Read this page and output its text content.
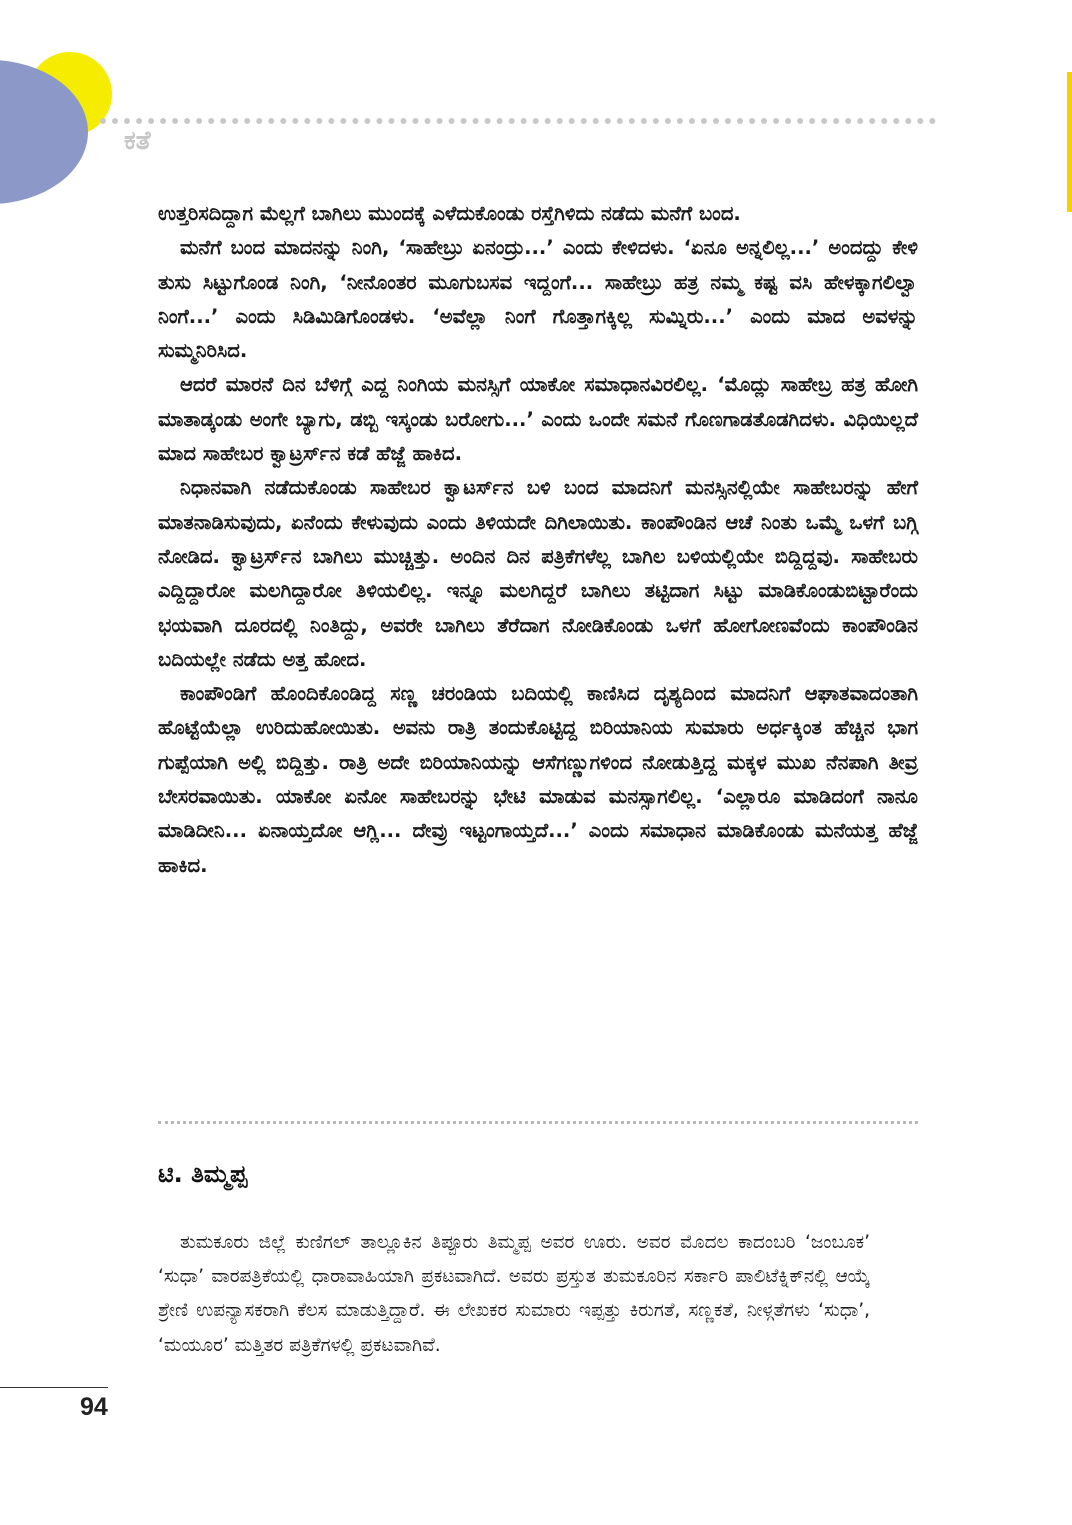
ಕತೆ

ಉತ್ತರಿಸದಿದ್ದಾಗ ಮೆಲ್ಲಗೆ ಬಾಗಿಲು ಮುಂದಕ್ಕೆ ಎಳೆದುಕೊಂಡು ರಸ್ತೆಗಿಳಿದು ನಡೆದು ಮನೆಗೆ ಬಂದ.

ಮನೆಗೆ ಬಂದ ಮಾದನನ್ನು ನಿಂಗಿ, ‘ಸಾಹೇಬ್ರು ಏನಂದ್ರು...’ ಎಂದು ಕೇಳಿದಳು. ‘ಏನೂ ಅನ್ನಲಿಲ್ಲ...’ ಅಂದದ್ದು ಕೇಳಿ ತುಸು ಸಿಟ್ಟುಗೊಂಡ ನಿಂಗಿ, ‘ನೀನೊಂತರ ಮೂಗುಬಸವ ಇದ್ದಂಗೆ... ಸಾಹೇಬ್ರು ಹತ್ರ ನಮ್ಮ ಕಷ್ಟ ವಸಿ ಹೇಳಕ್ಕಾಗಲಿಲ್ವಾ ನಿಂಗೆ...’ ಎಂದು ಸಿಡಿಮಿಡಿಗೊಂಡಳು. ‘ಅವೆಲ್ಲಾ ನಿಂಗೆ ಗೊತ್ತಾಗಕ್ಕಿಲ್ಲ ಸುಮ್ನಿರು...’ ಎಂದು ಮಾದ ಅವಳನ್ನು ಸುಮ್ಮನಿರಿಸಿದ.

ಆದರೆ ಮಾರನೆ ದಿನ ಬೆಳಿಗ್ಗೆ ಎದ್ದ ನಿಂಗಿಯ ಮನಸ್ಸಿಗೆ ಯಾಕೋ ಸಮಾಧಾನವಿರಲಿಲ್ಲ. ‘ಮೊದ್ಲು ಸಾಹೇಬ್ರ ಹತ್ರ ಹೋಗಿ ಮಾತಾಡ್ಕಂಡು ಅಂಗೇ ಬ್ಯಾಗು, ಡಬ್ಬಿ ಇಸ್ಕಂಡು ಬರೋಗು...’ ಎಂದು ಒಂದೇ ಸಮನೆ ಗೊಣಗಾಡತೊಡಗಿದಳು. ವಿಧಿಯಿಲ್ಲದೆ ಮಾದ ಸಾಹೇಬರ ಕ್ವಾಟ್ರರ್ಸ್‌ನ ಕಡೆ ಹೆಜ್ಜೆ ಹಾಕಿದ.

ನಿಧಾನವಾಗಿ ನಡೆದುಕೊಂಡು ಸಾಹೇಬರ ಕ್ವಾಟರ್ಸ್‌ನ ಬಳಿ ಬಂದ ಮಾದನಿಗೆ ಮನಸ್ಸಿನಲ್ಲಿಯೇ ಸಾಹೇಬರನ್ನು ಹೇಗೆ ಮಾತನಾಡಿಸುವುದು, ಏನೆಂದು ಕೇಳುವುದು ಎಂದು ತಿಳಿಯದೇ ದಿಗಿಲಾಯಿತು. ಕಾಂಪೌಂಡಿನ ಆಚೆ ನಿಂತು ಒಮ್ಮೆ ಒಳಗೆ ಬಗ್ಗಿ ನೋಡಿದ. ಕ್ವಾಟ್ರರ್ಸ್‌ನ ಬಾಗಿಲು ಮುಚ್ಚಿತ್ತು. ಅಂದಿನ ದಿನ ಪತ್ರಿಕೆಗಳೆಲ್ಲ ಬಾಗಿಲ ಬಳಿಯಲ್ಲಿಯೇ ಬಿದ್ದಿದ್ದವು. ಸಾಹೇಬರು ಎದ್ದಿದ್ದಾರೋ ಮಲಗಿದ್ದಾರೋ ತಿಳಿಯಲಿಲ್ಲ. ಇನ್ನೂ ಮಲಗಿದ್ದರೆ ಬಾಗಿಲು ತಟ್ಟಿದಾಗ ಸಿಟ್ಟು ಮಾಡಿಕೊಂಡುಬಿಟ್ಟಾರೆಂದು ಭಯವಾಗಿ ದೂರದಲ್ಲಿ ನಿಂತಿದ್ದು, ಅವರೇ ಬಾಗಿಲು ತೆರೆದಾಗ ನೋಡಿಕೊಂಡು ಒಳಗೆ ಹೋಗೋಣವೆಂದು ಕಾಂಪೌಂಡಿನ ಬದಿಯಲ್ಲೇ ನಡೆದು ಅತ್ತ ಹೋದ.

ಕಾಂಪೌಂಡಿಗೆ ಹೊಂದಿಕೊಂಡಿದ್ದ ಸಣ್ಣ ಚರಂಡಿಯ ಬದಿಯಲ್ಲಿ ಕಾಣಿಸಿದ ದೃಶ್ಯದಿಂದ ಮಾದನಿಗೆ ಆಘಾತವಾದಂತಾಗಿ ಹೊಟ್ಟೆಯೆಲ್ಲಾ ಉರಿದುಹೋಯಿತು. ಅವನು ರಾತ್ರಿ ತಂದುಕೊಟ್ಟಿದ್ದ ಬಿರಿಯಾನಿಯ ಸುಮಾರು ಅರ್ಧಕ್ಕಿಂತ ಹೆಚ್ಚಿನ ಭಾಗ ಗುಪ್ಪೆಯಾಗಿ ಅಲ್ಲಿ ಬಿದ್ದಿತ್ತು. ರಾತ್ರಿ ಅದೇ ಬಿರಿಯಾನಿಯನ್ನು ಆಸೆಗಣ್ಣುಗಳಿಂದ ನೋಡುತ್ತಿದ್ದ ಮಕ್ಕಳ ಮುಖ ನೆನಪಾಗಿ ತೀವ್ರ ಬೇಸರವಾಯಿತು. ಯಾಕೋ ಏನೋ ಸಾಹೇಬರನ್ನು ಭೇಟಿ ಮಾಡುವ ಮನಸ್ಸಾಗಲಿಲ್ಲ. ‘ಎಲ್ಲಾರೂ ಮಾಡಿದಂಗೆ ನಾನೂ ಮಾಡಿದೀನಿ... ಏನಾಯ್ತದೋ ಆಗ್ಲಿ... ದೇವ್ರು ಇಟ್ಟಂಗಾಯ್ತದೆ...’ ಎಂದು ಸಮಾಧಾನ ಮಾಡಿಕೊಂಡು ಮನೆಯತ್ತ ಹೆಜ್ಜೆ ಹಾಕಿದ.

ಟಿ. ತಿಮ್ಮಪ್ಪ

ತುಮಕೂರು ಜಿಲ್ಲೆ ಕುಣಿಗಲ್ ತಾಲ್ಲೂಕಿನ ತಿಪ್ಪೂರು ತಿಮ್ಮಪ್ಪ ಅವರ ಊರು. ಅವರ ಮೊದಲ ಕಾದಂಬರಿ ‘ಜಂಬೂಕ’ ‘ಸುಧಾ’ ವಾರಪತ್ರಿಕೆಯಲ್ಲಿ ಧಾರಾವಾಹಿಯಾಗಿ ಪ್ರಕಟವಾಗಿದೆ. ಅವರು ಪ್ರಸ್ತುತ ತುಮಕೂರಿನ ಸರ್ಕಾರಿ ಪಾಲಿಟೆಕ್ನಿಕ್‌ನಲ್ಲಿ ಆಯ್ಕೆ ಶ್ರೇಣಿ ಉಪನ್ಯಾಸಕರಾಗಿ ಕೆಲಸ ಮಾಡುತ್ತಿದ್ದಾರೆ. ಈ ಲೇಖಕರ ಸುಮಾರು ಇಪ್ಪತ್ತು ಕಿರುಗತೆ, ಸಣ್ಣಕತೆ, ನೀಳ್ಗತೆಗಳು ‘ಸುಧಾ’, ‘ಮಯೂರ’ ಮತ್ತಿತರ ಪತ್ರಿಕೆಗಳಲ್ಲಿ ಪ್ರಕಟವಾಗಿವೆ.

94
